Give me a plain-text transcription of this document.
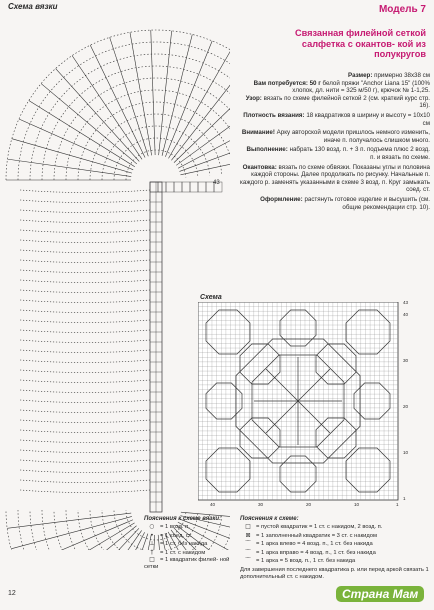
Схема вязки
43
Модель 7
Связанная филейной сеткой салфетка с окантов- кой из полукругов
Размер: примерно 38х38 см
Вам потребуется: 50 г белой пряжи "Anchor Liana 15" (100% хлопок, дл. нити = 325 м/50 г), крючок № 1-1,25.
Узор: вязать по схеме филейной сеткой 2 (см. краткий курс стр. 16).
Плотность вязания: 18 квадратиков в ширину и высоту = 10х10 см
Внимание! Арку авторской модели пришлось немного изменить, иначе п. получалось слишком много.
Выполнение: набрать 130 возд. п. + 3 п. подъема плюс 2 возд. п. и вязать по схеме.
Окантовка: вязать по схеме обвязки. Показаны углы и половина каждой стороны. Далее продолжать по рисунку. Начальные п. каждого р. заменять указанными в схеме 3 возд. п. Круг замыкать соед. ст.
Оформление: растянуть готовое изделие и высушить (см. общие рекомендации стр. 10).
Схема
43
40
30
20
10
1
40	30	20	10	1
Пояснения к схеме вязки:
○ = 1 возд. п.
• = 1 соед. ст.
⊥ = 1 ст. без накида
† = 1 ст. с накидом
□ = 1 квадратик филей- ной сетки
Пояснения к схеме:
□ = пустой квадратик = 1 ст. с накидом, 2 возд. п.
⊠ = 1 заполненный квадратик = 3 ст. с накидом
⌒ = 1 арка влево = 4 возд. п., 1 ст. без накида
⌒ = 1 арка вправо = 4 возд. п., 1 ст. без накида
⌒ = 1 арка = 5 возд. п., 1 ст. без накида
Для завершения последнего квадратика р. или перед аркой связать 1 дополнительный ст. с накидом.
12	Страна Мам
